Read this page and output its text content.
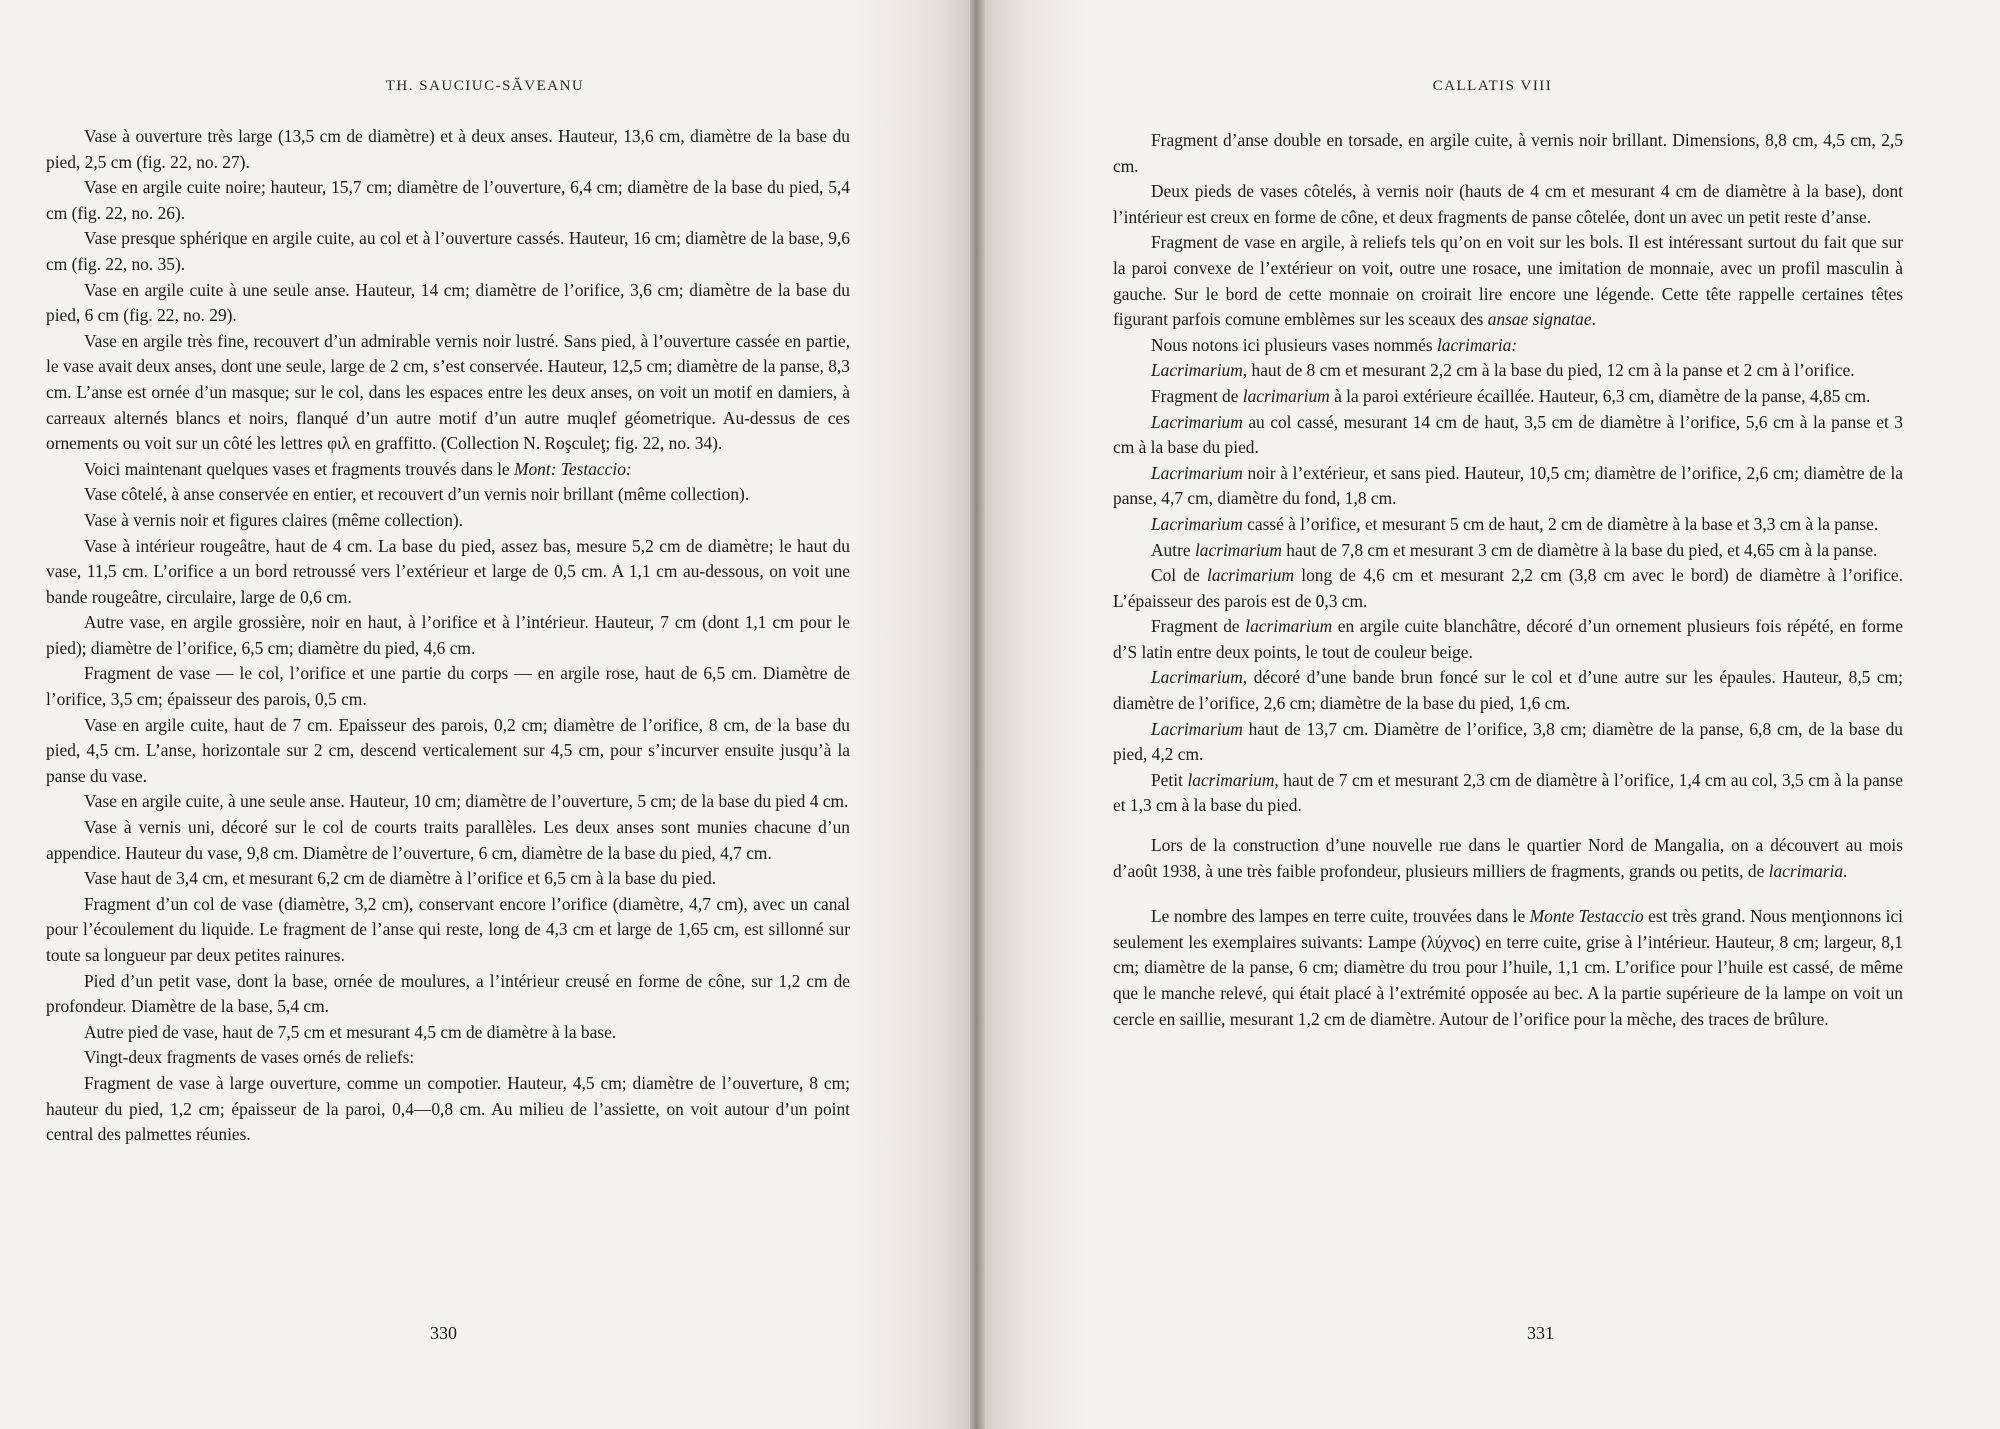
TH. SAUCIUC-SĂVEANU

Vase à ouverture très large (13,5 cm de diamètre) et à deux anses. Hauteur, 13,6 cm, diamètre de la base du pied, 2,5 cm (fig. 22, no. 27).

Vase en argile cuite noire; hauteur, 15,7 cm; diamètre de l’ouverture, 6,4 cm; diamètre de la base du pied, 5,4 cm (fig. 22, no. 26).

Vase presque sphérique en argile cuite, au col et à l’ouverture cassés. Hauteur, 16 cm; diamètre de la base, 9,6 cm (fig. 22, no. 35).

Vase en argile cuite à une seule anse. Hauteur, 14 cm; diamètre de l’orifice, 3,6 cm; diamètre de la base du pied, 6 cm (fig. 22, no. 29).

Vase en argile très fine, recouvert d’un admirable vernis noir lustré. Sans pied, à l’ouverture cassée en partie, le vase avait deux anses, dont une seule, large de 2 cm, s’est conservée. Hauteur, 12,5 cm; diamètre de la panse, 8,3 cm. L’anse est ornée d’un masque; sur le col, dans les espaces entre les deux anses, on voit un motif en damiers, à carreaux alternés blancs et noirs, flanqué d’un autre motif d’un autre muqlef géometrique. Au-dessus de ces ornements ou voit sur un côté les lettres φιλ en graffitto. (Collection N. Roşculeţ; fig. 22, no. 34).

Voici maintenant quelques vases et fragments trouvés dans le Mont: Testaccio:

Vase côtelé, à anse conservée en entier, et recouvert d’un vernis noir brillant (même collection).

Vase à vernis noir et figures claires (même collection).

Vase à intérieur rougeâtre, haut de 4 cm. La base du pied, assez bas, mesure 5,2 cm de diamètre; le haut du vase, 11,5 cm. L’orifice a un bord retroussé vers l’extérieur et large de 0,5 cm. A 1,1 cm au-dessous, on voit une bande rougeâtre, circulaire, large de 0,6 cm.

Autre vase, en argile grossière, noir en haut, à l’orifice et à l’intérieur. Hauteur, 7 cm (dont 1,1 cm pour le pied); diamètre de l’orifice, 6,5 cm; diamètre du pied, 4,6 cm.

Fragment de vase — le col, l’orifice et une partie du corps — en argile rose, haut de 6,5 cm. Diamètre de l’orifice, 3,5 cm; épaisseur des parois, 0,5 cm.

Vase en argile cuite, haut de 7 cm. Epaisseur des parois, 0,2 cm; diamètre de l’orifice, 8 cm, de la base du pied, 4,5 cm. L’anse, horizontale sur 2 cm, descend verticalement sur 4,5 cm, pour s’incurver ensuite jusqu’à la panse du vase.

Vase en argile cuite, à une seule anse. Hauteur, 10 cm; diamètre de l’ouverture, 5 cm; de la base du pied 4 cm.

Vase à vernis uni, décoré sur le col de courts traits parallèles. Les deux anses sont munies chacune d’un appendice. Hauteur du vase, 9,8 cm. Diamètre de l’ouverture, 6 cm, diamètre de la base du pied, 4,7 cm.

Vase haut de 3,4 cm, et mesurant 6,2 cm de diamètre à l’orifice et 6,5 cm à la base du pied.

Fragment d’un col de vase (diamètre, 3,2 cm), conservant encore l’orifice (diamètre, 4,7 cm), avec un canal pour l’écoulement du liquide. Le fragment de l’anse qui reste, long de 4,3 cm et large de 1,65 cm, est sillonné sur toute sa longueur par deux petites rainures.

Pied d’un petit vase, dont la base, ornée de moulures, a l’intérieur creusé en forme de cône, sur 1,2 cm de profondeur. Diamètre de la base, 5,4 cm.

Autre pied de vase, haut de 7,5 cm et mesurant 4,5 cm de diamètre à la base.

Vingt-deux fragments de vases ornés de reliefs:

Fragment de vase à large ouverture, comme un compotier. Hauteur, 4,5 cm; diamètre de l’ouverture, 8 cm; hauteur du pied, 1,2 cm; épaisseur de la paroi, 0,4—0,8 cm. Au milieu de l’assiette, on voit autour d’un point central des palmettes réunies.

330
CALLATIS VIII

Fragment d’anse double en torsade, en argile cuite, à vernis noir brillant. Dimensions, 8,8 cm, 4,5 cm, 2,5 cm.

Deux pieds de vases côtelés, à vernis noir (hauts de 4 cm et mesurant 4 cm de diamètre à la base), dont l’intérieur est creux en forme de cône, et deux fragments de panse côtelée, dont un avec un petit reste d’anse.

Fragment de vase en argile, à reliefs tels qu’on en voit sur les bols. Il est intéressant surtout du fait que sur la paroi convexe de l’extérieur on voit, outre une rosace, une imitation de monnaie, avec un profil masculin à gauche. Sur le bord de cette monnaie on croirait lire encore une légende. Cette tête rappelle certaines têtes figurant parfois comune emblèmes sur les sceaux des ansae signatae.

Nous notons ici plusieurs vases nommés lacrimaria:

Lacrimarium, haut de 8 cm et mesurant 2,2 cm à la base du pied, 12 cm à la panse et 2 cm à l’orifice.

Fragment de lacrimarium à la paroi extérieure écaillée. Hauteur, 6,3 cm, diamètre de la panse, 4,85 cm.

Lacrimarium au col cassé, mesurant 14 cm de haut, 3,5 cm de diamètre à l’orifice, 5,6 cm à la panse et 3 cm à la base du pied.

Lacrimarium noir à l’extérieur, et sans pied. Hauteur, 10,5 cm; diamètre de l’orifice, 2,6 cm; diamètre de la panse, 4,7 cm, diamètre du fond, 1,8 cm.

Lacrimarium cassé à l’orifice, et mesurant 5 cm de haut, 2 cm de diamètre à la base et 3,3 cm à la panse.

Autre lacrimarium haut de 7,8 cm et mesurant 3 cm de diamètre à la base du pied, et 4,65 cm à la panse.

Col de lacrimarium long de 4,6 cm et mesurant 2,2 cm (3,8 cm avec le bord) de diamètre à l’orifice. L’épaisseur des parois est de 0,3 cm.

Fragment de lacrimarium en argile cuite blanchâtre, décoré d’un ornement plusieurs fois répété, en forme d’S latin entre deux points, le tout de couleur beige.

Lacrimarium, décoré d’une bande brun foncé sur le col et d’une autre sur les épaules. Hauteur, 8,5 cm; diamètre de l’orifice, 2,6 cm; diamètre de la base du pied, 1,6 cm.

Lacrimarium haut de 13,7 cm. Diamètre de l’orifice, 3,8 cm; diamètre de la panse, 6,8 cm, de la base du pied, 4,2 cm.

Petit lacrimarium, haut de 7 cm et mesurant 2,3 cm de diamètre à l’orifice, 1,4 cm au col, 3,5 cm à la panse et 1,3 cm à la base du pied.

Lors de la construction d’une nouvelle rue dans le quartier Nord de Mangalia, on a découvert au mois d’août 1938, à une très faible profondeur, plusieurs milliers de fragments, grands ou petits, de lacrimaria.

Le nombre des lampes en terre cuite, trouvées dans le Monte Testaccio est très grand. Nous menţionnons ici seulement les exemplaires suivants: Lampe (λύχνος) en terre cuite, grise à l’intérieur. Hauteur, 8 cm; largeur, 8,1 cm; diamètre de la panse, 6 cm; diamètre du trou pour l’huile, 1,1 cm. L’orifice pour l’huile est cassé, de même que le manche relevé, qui était placé à l’extrémité opposée au bec. A la partie supérieure de la lampe on voit un cercle en saillie, mesurant 1,2 cm de diamètre. Autour de l’orifice pour la mèche, des traces de brûlure.

331
